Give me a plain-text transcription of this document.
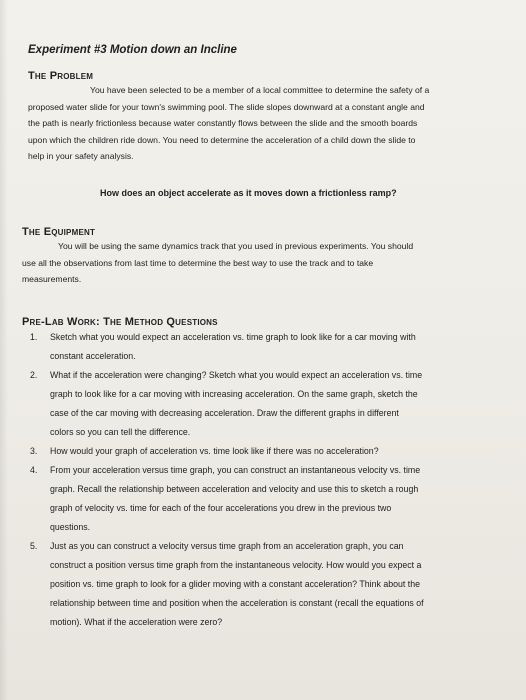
Experiment #3 Motion down an Incline
The Problem

You have been selected to be a member of a local committee to determine the safety of a

proposed water slide for your town's swimming pool. The slide slopes downward at a constant angle and

the path is nearly frictionless because water constantly flows between the slide and the smooth boards

upon which the children ride down. You need to determine the acceleration of a child down the slide to

help in your safety analysis.

How does an object accelerate as it moves down a frictionless ramp?
The Equipment

You will be using the same dynamics track that you used in previous experiments. You should

use all the observations from last time to determine the best way to use the track and to take

measurements.

Pre-Lab Work: The Method Questions
1. Sketch what you would expect an acceleration vs. time graph to look like for a car moving with
constant acceleration.
2. What if the acceleration were changing? Sketch what you would expect an acceleration vs. time
graph to look like for a car moving with increasing acceleration. On the same graph, sketch the
case of the car moving with decreasing acceleration. Draw the different graphs in different
colors so you can tell the difference.
3. How would your graph of acceleration vs. time look like if there was no acceleration?
4. From your acceleration versus time graph, you can construct an instantaneous velocity vs. time
graph. Recall the relationship between acceleration and velocity and use this to sketch a rough
graph of velocity vs. time for each of the four accelerations you drew in the previous two
questions.
5. Just as you can construct a velocity versus time graph from an acceleration graph, you can
construct a position versus time graph from the instantaneous velocity. How would you expect a
position vs. time graph to look for a glider moving with a constant acceleration? Think about the
relationship between time and position when the acceleration is constant (recall the equations of
motion). What if the acceleration were zero?
